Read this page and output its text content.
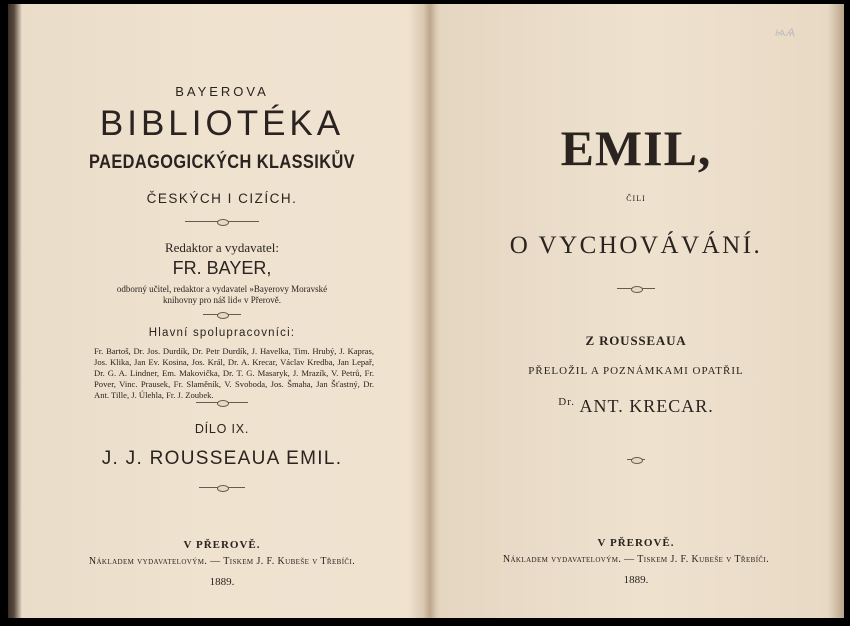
BAYEROVA
BIBLIOTÉKA
PAEDAGOGICKÝCH KLASSIKŮV
ČESKÝCH I CIZÍCH.
Redaktor a vydavatel:
FR. BAYER,
odborný učitel, redaktor a vydavatel »Bayerovy Moravské
knihovny pro náš lid« v Přerově.
Hlavní spolupracovníci:
Fr. Bartoš, Dr. Jos. Durdík, Dr. Petr Durdík, J. Havelka, Tim. Hrubý, J. Kapras, Jos. Klika, Jan Ev. Kosina, Jos. Král, Dr. A. Krecar, Václav Kredba, Jan Lepař, Dr. G. A. Lindner, Em. Makovička, Dr. T. G. Masaryk, J. Mrazík, V. Petrů, Fr. Pover, Vinc. Prausek, Fr. Slaměník, V. Svoboda, Jos. Šmaha, Jan Šťastný, Dr. Ant. Tille, J. Úlehla, Fr. J. Zoubek.
DÍLO IX.
J. J. ROUSSEAUA EMIL.
V PŘEROVĚ.
Nákladem vydavatelovým. — Tiskem J. F. Kubeše v Třebíči.
1889.
ѩѦ
EMIL,
čili
O VYCHOVÁVÁNÍ.
Z ROUSSEAUA
PŘELOŽIL A POZNÁMKAMI OPATŘIL
$^{Dr.}$ ANT. KRECAR.
V PŘEROVĚ.
Nákladem vydavatelovým. — Tiskem J. F. Kubeše v Třebíči.
1889.
